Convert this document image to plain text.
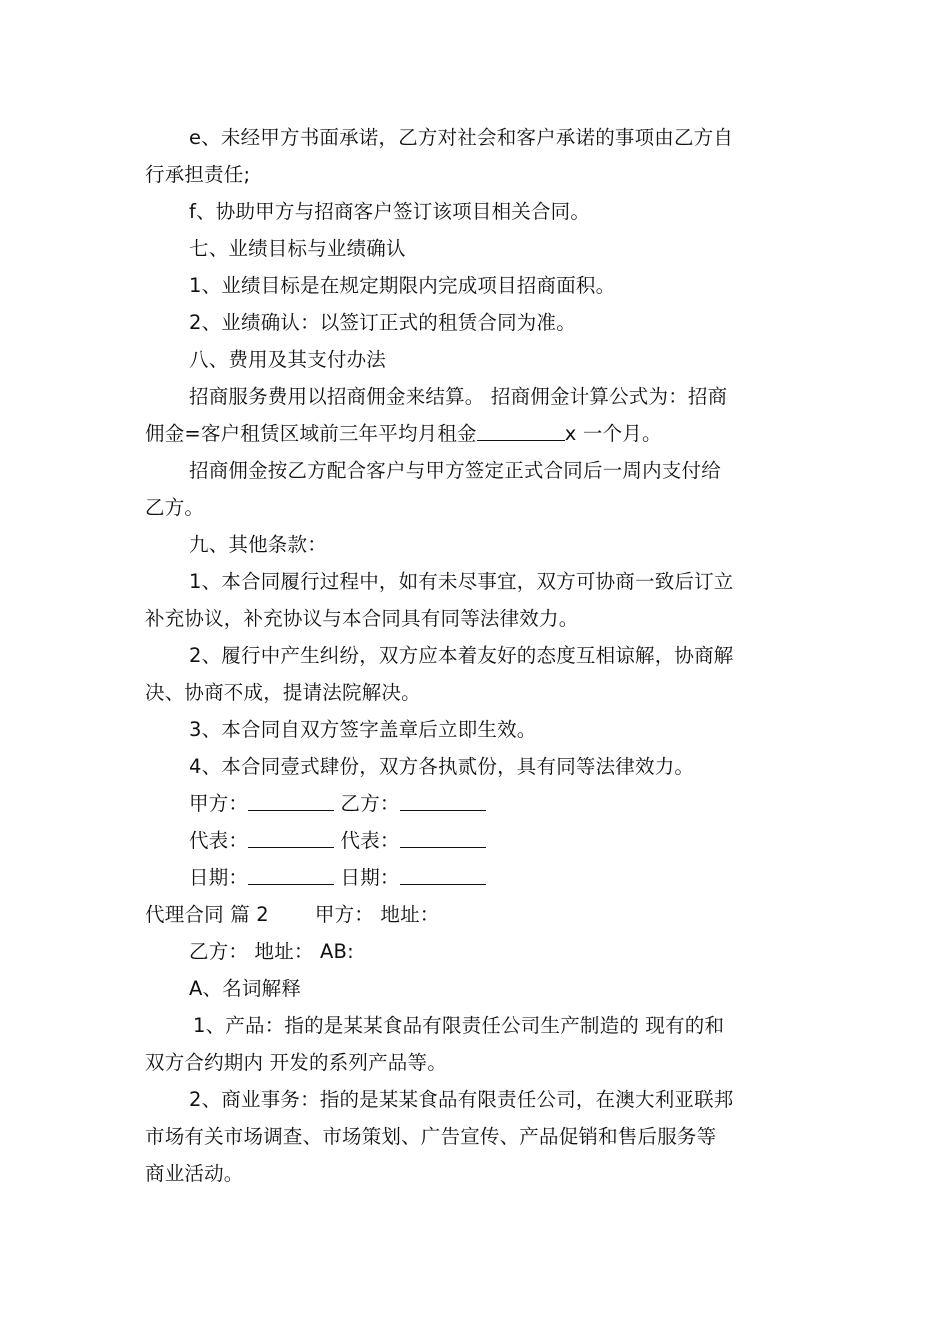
e、未经甲方书面承诺，乙方对社会和客户承诺的事项由乙方自
行承担责任;
f、协助甲方与招商客户签订该项目相关合同。
七、业绩目标与业绩确认
1、业绩目标是在规定期限内完成项目招商面积。
2、业绩确认：以签订正式的租赁合同为准。
八、费用及其支付办法
招商服务费用以招商佣金来结算。 招商佣金计算公式为：招商
佣金=客户租赁区域前三年平均月租金	x 一个月。
招商佣金按乙方配合客户与甲方签定正式合同后一周内支付给
乙方。
九、其他条款：
1、本合同履行过程中，如有未尽事宜，双方可协商一致后订立
补充协议，补充协议与本合同具有同等法律效力。
2、履行中产生纠纷，双方应本着友好的态度互相谅解，协商解
决、协商不成，提请法院解决。
3、本合同自双方签字盖章后立即生效。
4、本合同壹式肆份，双方各执贰份，具有同等法律效力。
甲方：	乙方：
代表：	代表：
日期：	日期：
代理合同 篇 2 甲方： 地址：
乙方： 地址： AB:
A、名词解释
1、产品：指的是某某食品有限责任公司生产制造的 现有的和
双方合约期内 开发的系列产品等。
2、商业事务：指的是某某食品有限责任公司，在澳大利亚联邦
市场有关市场调查、市场策划、广告宣传、产品促销和售后服务等
商业活动。
